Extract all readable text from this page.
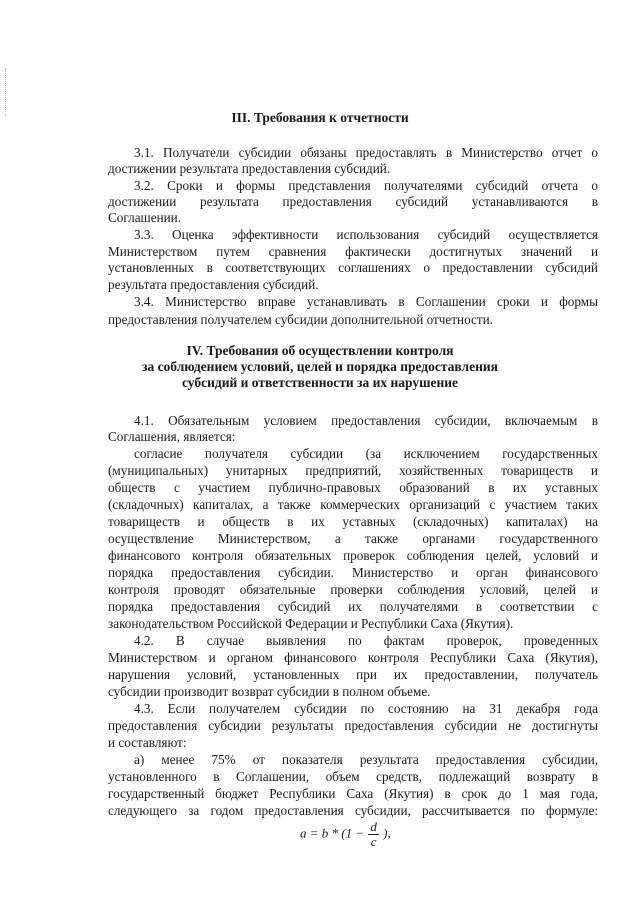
III. Требования к отчетности
3.1. Получатели субсидии обязаны предоставлять в Министерство отчет о
достижении результата предоставления субсидий.
3.2. Сроки и формы представления получателями субсидий отчета о
достижении результата предоставления субсидий устанавливаются в
Соглашении.
3.3. Оценка эффективности использования субсидий осуществляется
Министерством путем сравнения фактически достигнутых значений и
установленных в соответствующих соглашениях о предоставлении субсидий
результата предоставления субсидий.
3.4. Министерство вправе устанавливать в Соглашении сроки и формы
предоставления получателем субсидии дополнительной отчетности.
IV. Требования об осуществлении контроля
за соблюдением условий, целей и порядка предоставления
субсидий и ответственности за их нарушение
4.1. Обязательным условием предоставления субсидии, включаемым в
Соглашения, является:
согласие получателя субсидии (за исключением государственных
(муниципальных) унитарных предприятий, хозяйственных товариществ и
обществ с участием публично-правовых образований в их уставных
(складочных) капиталах, а также коммерческих организаций с участием таких
товариществ и обществ в их уставных (складочных) капиталах) на
осуществление Министерством, а также органами государственного
финансового контроля обязательных проверок соблюдения целей, условий и
порядка предоставления субсидии. Министерство и орган финансового
контроля проводят обязательные проверки соблюдения условий, целей и
порядка предоставления субсидий их получателями в соответствии с
законодательством Российской Федерации и Республики Саха (Якутия).
4.2. В случае выявления по фактам проверок, проведенных
Министерством и органом финансового контроля Республики Саха (Якутия),
нарушения условий, установленных при их предоставлении, получатель
субсидии производит возврат субсидии в полном объеме.
4.3. Если получателем субсидии по состоянию на 31 декабря года
предоставления субсидии результаты предоставления субсидии не достигнуты
и составляют:
а) менее 75% от показателя результата предоставления субсидии,
установленного в Соглашении, объем средств, подлежащий возврату в
государственный бюджет Республики Саха (Якутия) в срок до 1 мая года,
следующего за годом предоставления субсидии, рассчитывается по формуле:
$a = b * (1 - \frac{d}{c}$ ),
